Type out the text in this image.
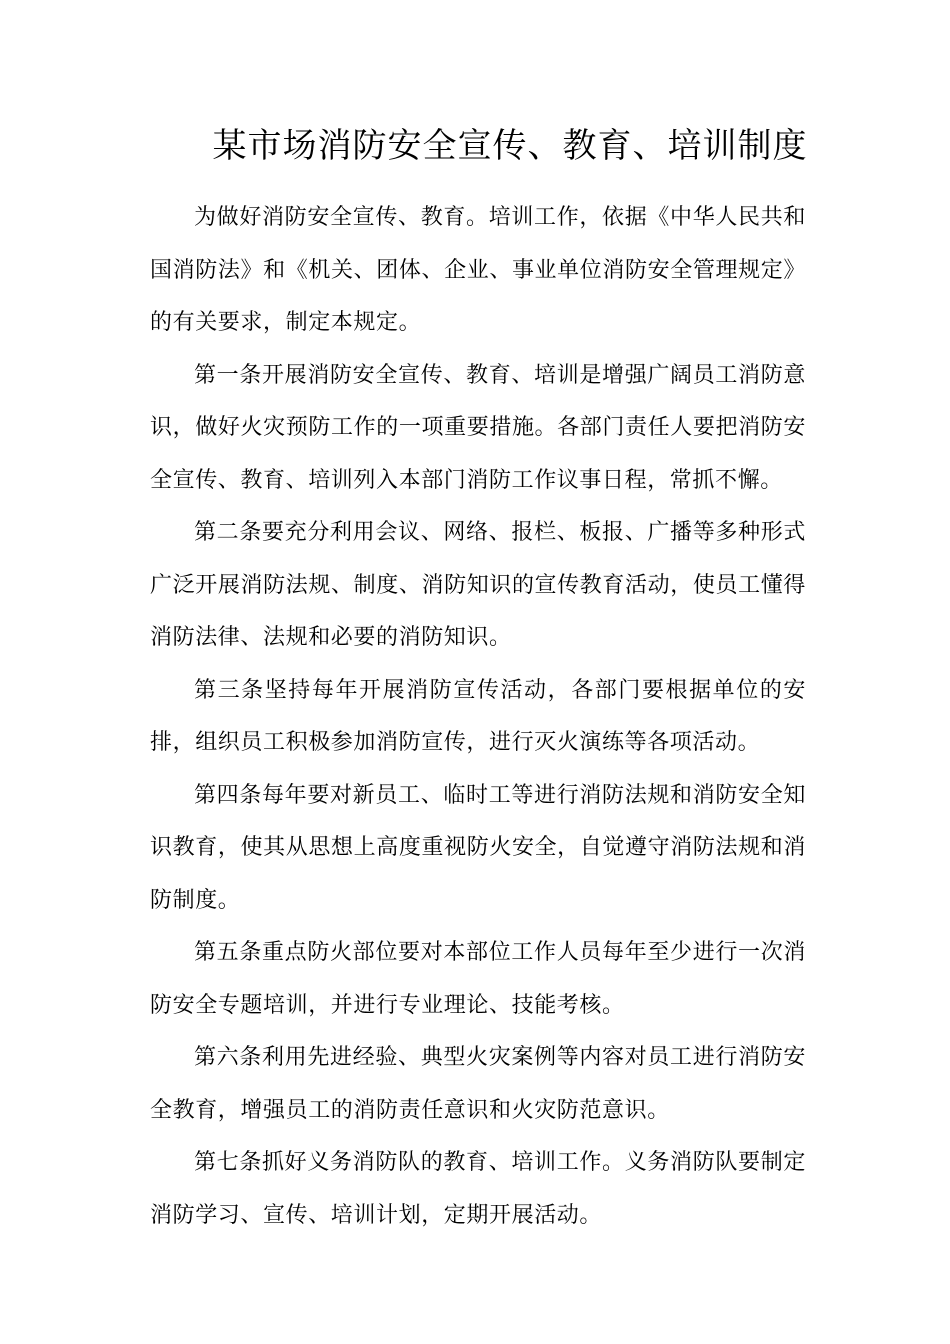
某市场消防安全宣传、教育、培训制度

为做好消防安全宣传、教育。培训工作，依据《中华人民共和国消防法》和《机关、团体、企业、事业单位消防安全管理规定》的有关要求，制定本规定。

第一条开展消防安全宣传、教育、培训是增强广阔员工消防意识，做好火灾预防工作的一项重要措施。各部门责任人要把消防安全宣传、教育、培训列入本部门消防工作议事日程，常抓不懈。

第二条要充分利用会议、网络、报栏、板报、广播等多种形式广泛开展消防法规、制度、消防知识的宣传教育活动，使员工懂得消防法律、法规和必要的消防知识。

第三条坚持每年开展消防宣传活动，各部门要根据单位的安排，组织员工积极参加消防宣传，进行灭火演练等各项活动。

第四条每年要对新员工、临时工等进行消防法规和消防安全知识教育，使其从思想上高度重视防火安全，自觉遵守消防法规和消防制度。

第五条重点防火部位要对本部位工作人员每年至少进行一次消防安全专题培训，并进行专业理论、技能考核。

第六条利用先进经验、典型火灾案例等内容对员工进行消防安全教育，增强员工的消防责任意识和火灾防范意识。

第七条抓好义务消防队的教育、培训工作。义务消防队要制定消防学习、宣传、培训计划，定期开展活动。
